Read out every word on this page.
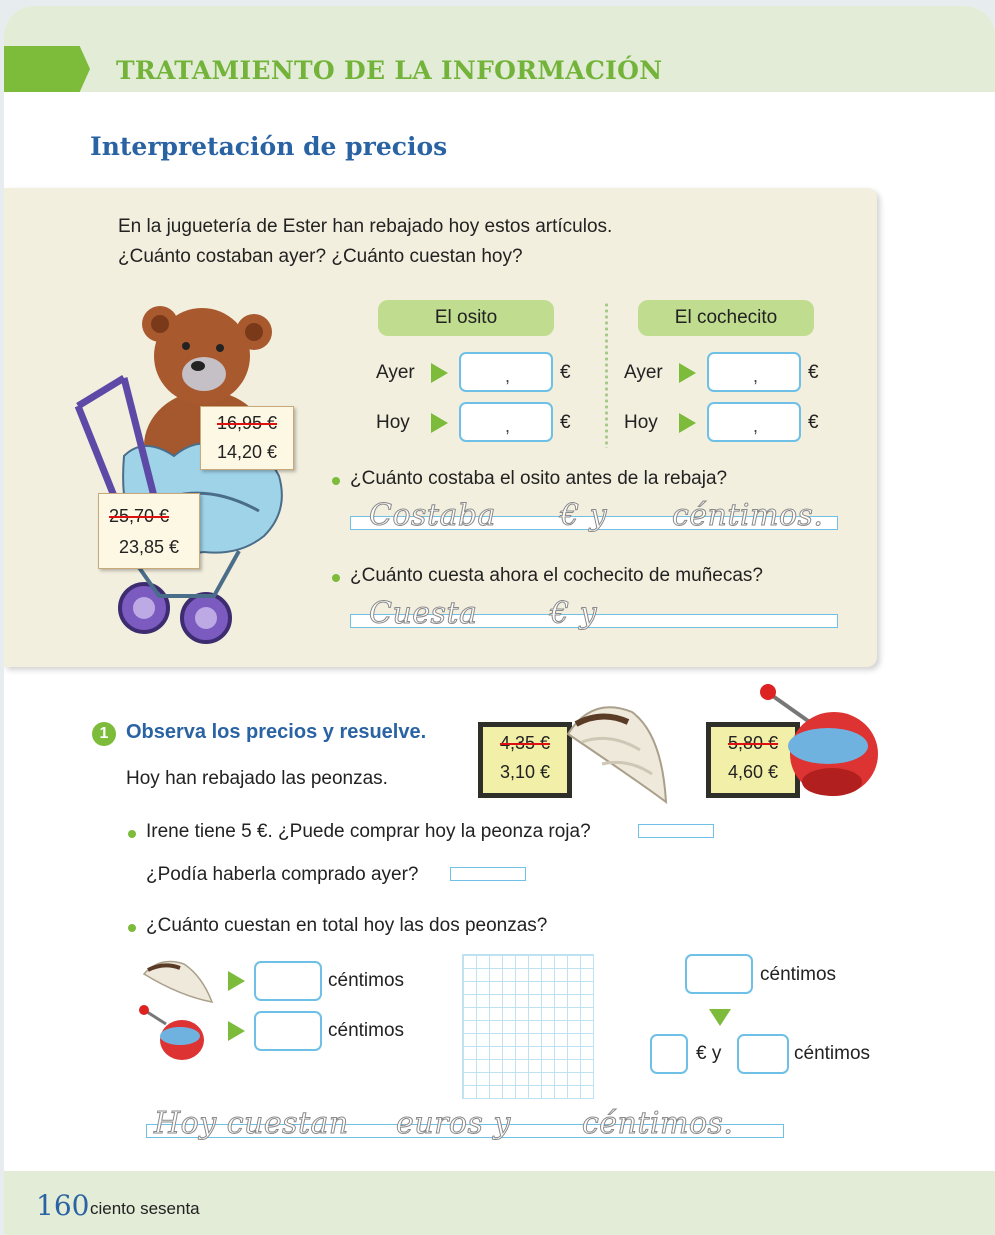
TRATAMIENTO DE LA INFORMACIÓN
Interpretación de precios
En la juguetería de Ester han rebajado hoy estos artículos.
¿Cuánto costaban ayer? ¿Cuánto cuestan hoy?
16,95 €
14,20 €
25,70 €
23,85 €
El osito	El cochecito
Ayer	,	€
Hoy	,	€
Ayer	,	€
Hoy	,	€
¿Cuánto costaba el osito antes de la rebaja?
Costaba € y céntimos.
¿Cuánto cuesta ahora el cochecito de muñecas?
Cuesta € y
1 Observa los precios y resuelve.
Hoy han rebajado las peonzas.
4,35 €
3,10 €
5,80 €
4,60 €
Irene tiene 5 €. ¿Puede comprar hoy la peonza roja?
¿Podía haberla comprado ayer?
¿Cuánto cuestan en total hoy las dos peonzas?
céntimos
céntimos
céntimos
€ y	céntimos
Hoy cuestan euros y céntimos.
160 ciento sesenta
